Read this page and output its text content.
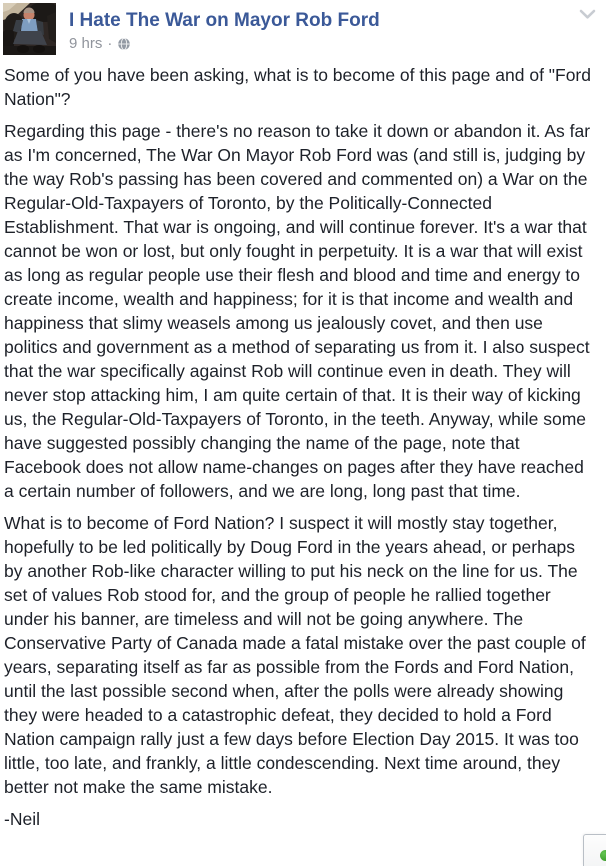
I Hate The War on Mayor Rob Ford
9 hrs ·

Some of you have been asking, what is to become of this page and of "Ford Nation"?

Regarding this page - there's no reason to take it down or abandon it. As far as I'm concerned, The War On Mayor Rob Ford was (and still is, judging by the way Rob's passing has been covered and commented on) a War on the Regular-Old-Taxpayers of Toronto, by the Politically-Connected Establishment. That war is ongoing, and will continue forever. It's a war that cannot be won or lost, but only fought in perpetuity. It is a war that will exist as long as regular people use their flesh and blood and time and energy to create income, wealth and happiness; for it is that income and wealth and happiness that slimy weasels among us jealously covet, and then use politics and government as a method of separating us from it. I also suspect that the war specifically against Rob will continue even in death. They will never stop attacking him, I am quite certain of that. It is their way of kicking us, the Regular-Old-Taxpayers of Toronto, in the teeth. Anyway, while some have suggested possibly changing the name of the page, note that Facebook does not allow name-changes on pages after they have reached a certain number of followers, and we are long, long past that time.

What is to become of Ford Nation? I suspect it will mostly stay together, hopefully to be led politically by Doug Ford in the years ahead, or perhaps by another Rob-like character willing to put his neck on the line for us. The set of values Rob stood for, and the group of people he rallied together under his banner, are timeless and will not be going anywhere. The Conservative Party of Canada made a fatal mistake over the past couple of years, separating itself as far as possible from the Fords and Ford Nation, until the last possible second when, after the polls were already showing they were headed to a catastrophic defeat, they decided to hold a Ford Nation campaign rally just a few days before Election Day 2015. It was too little, too late, and frankly, a little condescending. Next time around, they better not make the same mistake.

-Neil
